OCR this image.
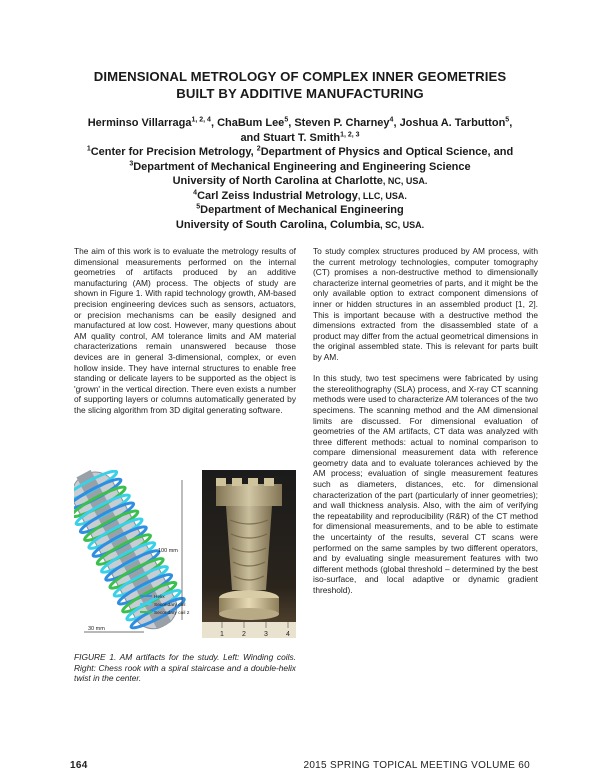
DIMENSIONAL METROLOGY OF COMPLEX INNER GEOMETRIES
BUILT BY ADDITIVE MANUFACTURING
Herminso Villarraga$^{1, 2, 4}$, ChaBum Lee$^5$, Steven P. Charney$^4$, Joshua A. Tarbutton$^5$,
and Stuart T. Smith$^{1, 2, 3}$
$^1$Center for Precision Metrology, $^2$Department of Physics and Optical Science, and
$^3$Department of Mechanical Engineering and Engineering Science
University of North Carolina at Charlotte, NC, USA.
$^4$Carl Zeiss Industrial Metrology, LLC, USA.
$^5$Department of Mechanical Engineering
University of South Carolina, Columbia, SC, USA.

The aim of this work is to evaluate the metrology results of dimensional measurements performed on the internal geometries of artifacts produced by an additive manufacturing (AM) process. The objects of study are shown in Figure 1. With rapid technology growth, AM-based precision engineering devices such as sensors, actuators, or precision mechanisms can be easily designed and manufactured at low cost. However, many questions about AM quality control, AM tolerance limits and AM material characterizations remain unanswered because those devices are in general 3-dimensional, complex, or even hollow inside. They have internal structures to enable free standing or delicate layers to be supported as the object is 'grown' in the vertical direction. There even exists a number of supporting layers or columns automatically generated by the slicing algorithm from 3D digital generating software.

To study complex structures produced by AM process, with the current metrology technologies, computer tomography (CT) promises a non-destructive method to dimensionally characterize internal geometries of parts, and it might be the only available option to extract component dimensions of inner or hidden structures in an assembled product [1, 2]. This is important because with a destructive method the dimensions extracted from the disassembled state of a product may differ from the actual geometrical dimensions in the original assembled state. This is relevant for parts built by AM.

In this study, two test specimens were fabricated by using the stereolithography (SLA) process, and X-ray CT scanning methods were used to characterize AM tolerances of the two specimens. The scanning method and the AM dimensional limits are discussed. For dimensional evaluation of geometries of the AM artifacts, CT data was analyzed with three different methods: actual to nominal comparison to compare dimensional measurement data with reference geometry data and to evaluate tolerances achieved by the AM process; evaluation of single measurement features such as diameters, distances, etc. for dimensional characterization of the part (particularly of inner geometries); and wall thickness analysis. Also, with the aim of verifying the repeatability and reproducibility (R&R) of the CT method for dimensional measurements, and to be able to estimate the uncertainty of the results, several CT scans were performed on the same samples by two different operators, and by evaluating single measurement features with two different methods (global threshold – determined by the best iso-surface, and local adaptive or dynamic gradient threshold).

100 mm
30 mm
Helix
Secondary coil
Secondary coil 2
1	2	3	4
FIGURE 1. AM artifacts for the study. Left: Winding coils. Right: Chess rook with a spiral staircase and a double-helix twist in the center.
164	2015 SPRING TOPICAL MEETING VOLUME 60
